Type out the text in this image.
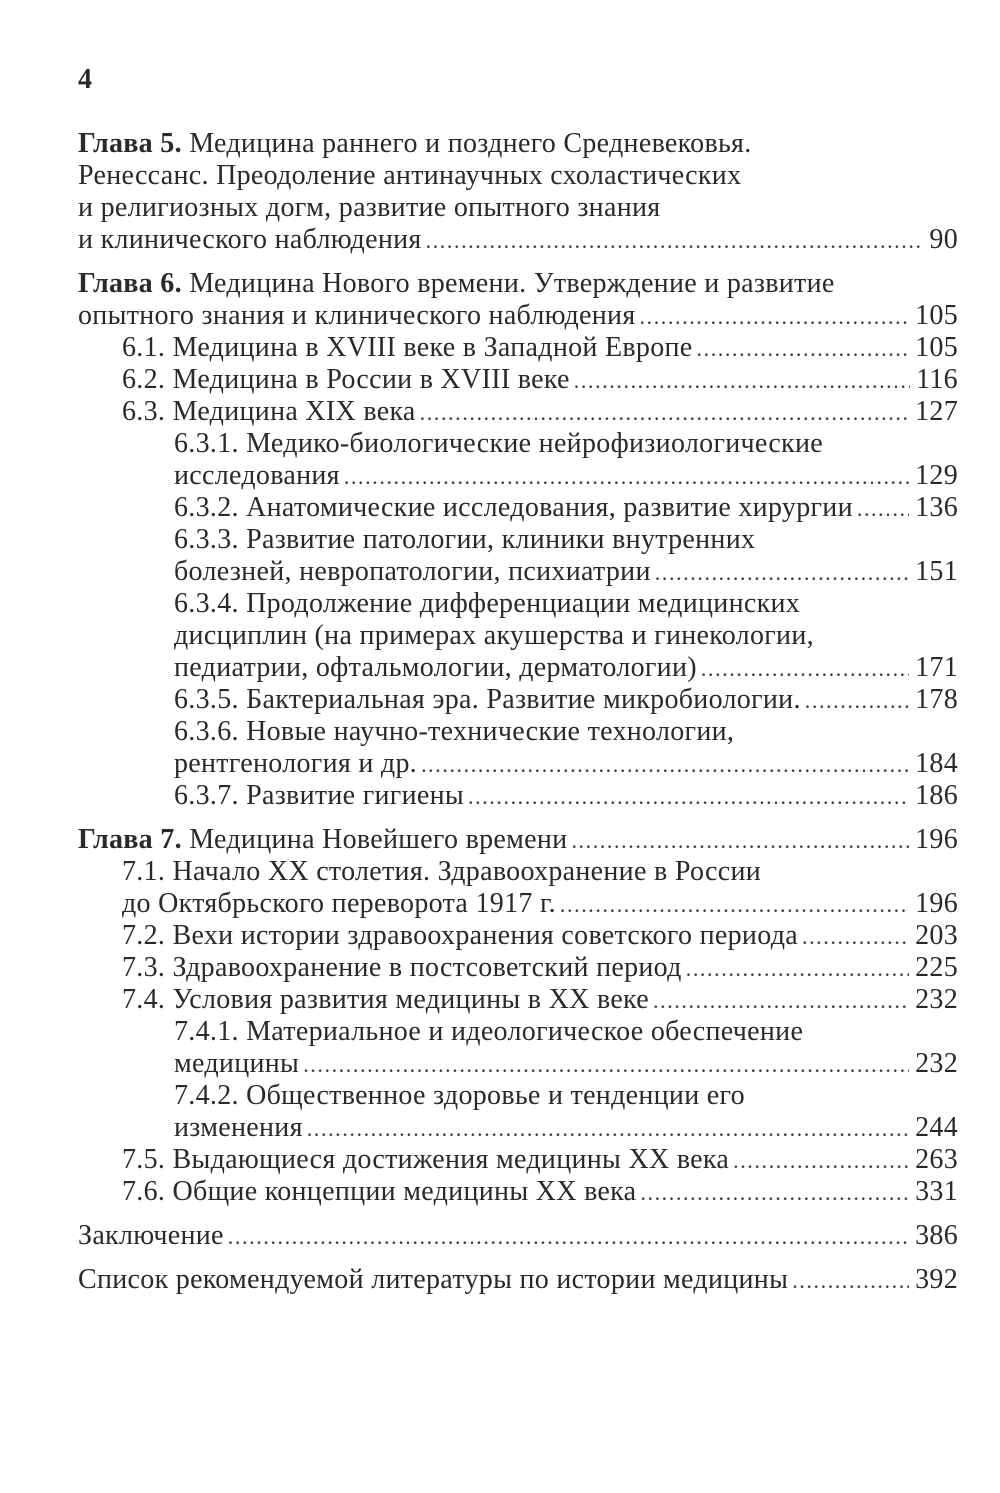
4
Глава 5. Медицина раннего и позднего Средневековья.
Ренессанс. Преодоление антинаучных схоластических
и религиозных догм, развитие опытного знания
и клинического наблюдения .....	90
Глава 6. Медицина Нового времени. Утверждение и развитие
опытного знания и клинического наблюдения .....	105
6.1. Медицина в XVIII веке в Западной Европе .....	105
6.2. Медицина в России в XVIII веке .....	116
6.3. Медицина XIX века .....	127
6.3.1. Медико-биологические нейрофизиологические
исследования .....	129
6.3.2. Анатомические исследования, развитие хирургии ..... 136
6.3.3. Развитие патологии, клиники внутренних
болезней, невропатологии, психиатрии .....	151
6.3.4. Продолжение дифференциации медицинских
дисциплин (на примерах акушерства и гинекологии,
педиатрии, офтальмологии, дерматологии) .....	171
6.3.5. Бактериальная эра. Развитие микробиологии. .....	178
6.3.6. Новые научно-технические технологии,
рентгенология и др. .....	184
6.3.7. Развитие гигиены .....	186
Глава 7. Медицина Новейшего времени .....	196
7.1. Начало XX столетия. Здравоохранение в России
до Октябрьского переворота 1917 г. .....	196
7.2. Вехи истории здравоохранения советского периода .....	203
7.3. Здравоохранение в постсоветский период .....	225
7.4. Условия развития медицины в XX веке .....	232
7.4.1. Материальное и идеологическое обеспечение
медицины .....	232
7.4.2. Общественное здоровье и тенденции его
изменения .....	244
7.5. Выдающиеся достижения медицины XX века .....	263
7.6. Общие концепции медицины XX века .....	331
Заключение .....	386
Список рекомендуемой литературы по истории медицины .....	392
